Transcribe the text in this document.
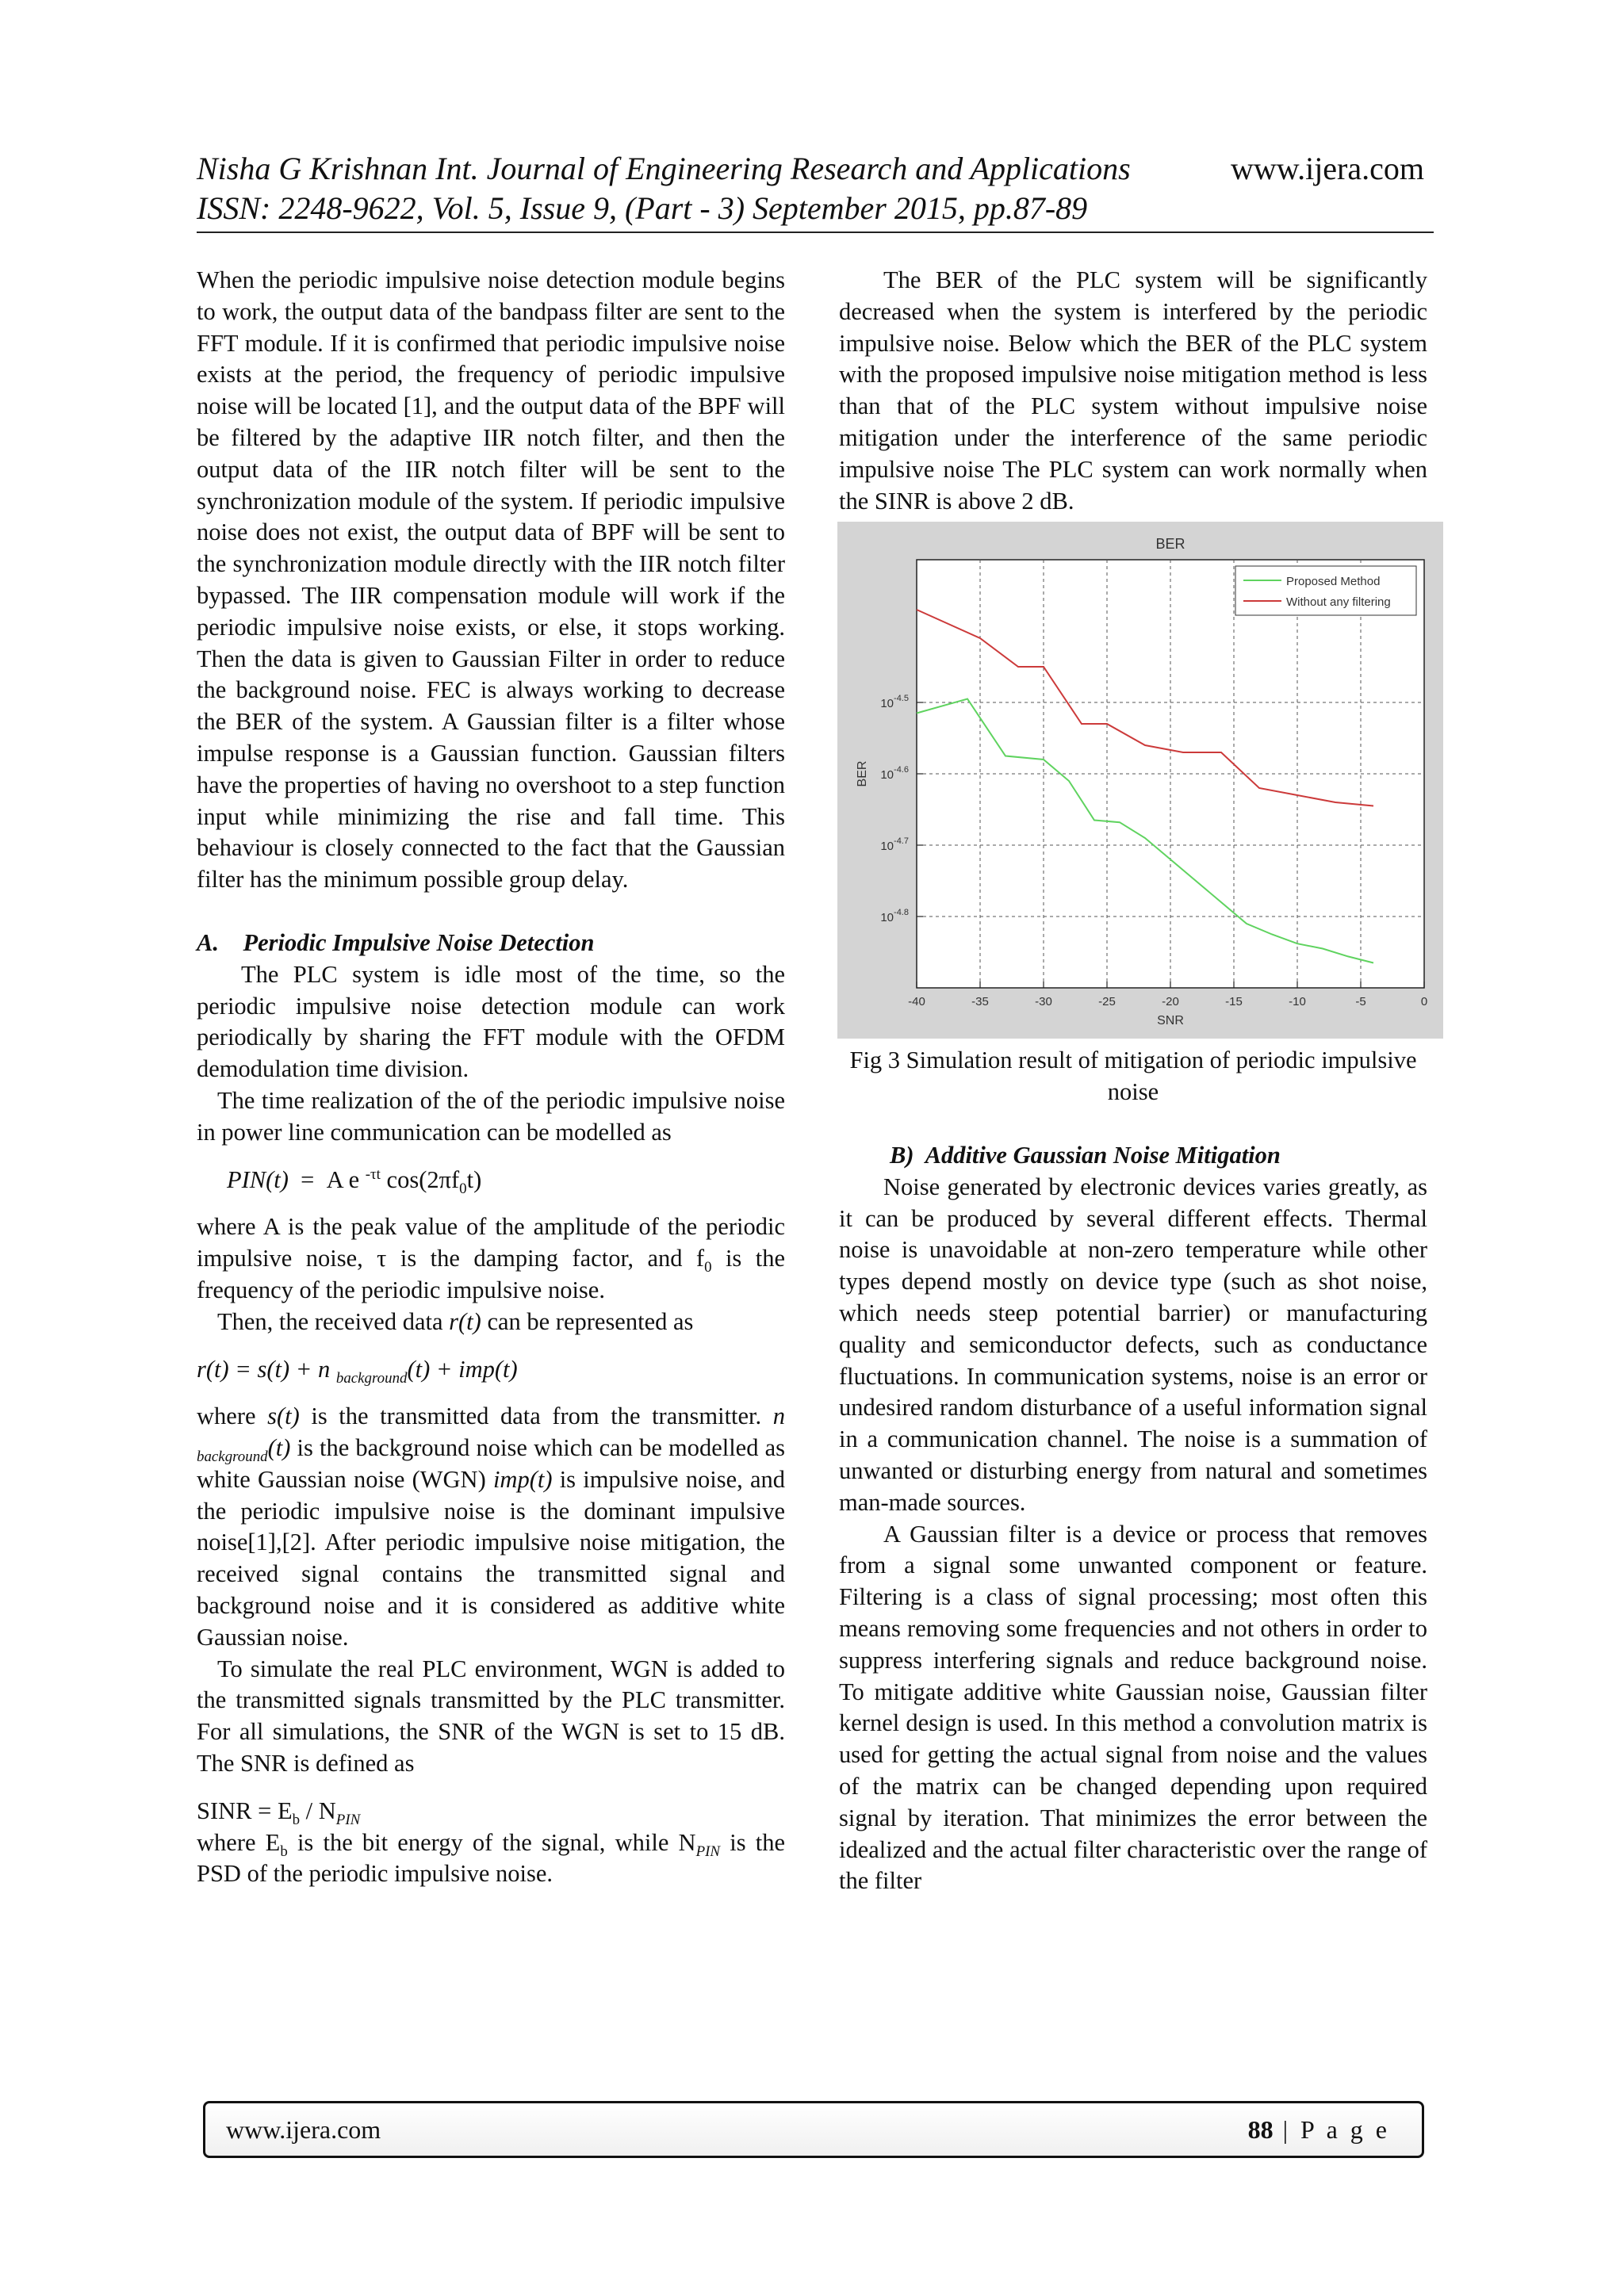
Nisha G Krishnan Int. Journal of Engineering Research and Applications	www.ijera.com
ISSN: 2248-9622, Vol. 5, Issue 9, (Part - 3) September 2015, pp.87-89

When the periodic impulsive noise detection module begins to work, the output data of the bandpass filter are sent to the FFT module. If it is confirmed that periodic impulsive noise exists at the period, the frequency of periodic impulsive noise will be located [1], and the output data of the BPF will be filtered by the adaptive IIR notch filter, and then the output data of the IIR notch filter will be sent to the synchronization module of the system. If periodic impulsive noise does not exist, the output data of BPF will be sent to the synchronization module directly with the IIR notch filter bypassed. The IIR compensation module will work if the periodic impulsive noise exists, or else, it stops working. Then the data is given to Gaussian Filter in order to reduce the background noise. FEC is always working to decrease the BER of the system. A Gaussian filter is a filter whose impulse response is a Gaussian function. Gaussian filters have the properties of having no overshoot to a step function input while minimizing the rise and fall time. This behaviour is closely connected to the fact that the Gaussian filter has the minimum possible group delay.

A.    Periodic Impulsive Noise Detection

The PLC system is idle most of the time, so the periodic impulsive noise detection module can work periodically by sharing the FFT module with the OFDM demodulation time division.

The time realization of the of the periodic impulsive noise in power line communication can be modelled as

PIN(t)  =  A e $^{-\tau t}$ $\cos(2\pi f_0t)$

where A is the peak value of the amplitude of the periodic impulsive noise, τ is the damping factor, and $f_0$ is the frequency of the periodic impulsive noise.

Then, the received data r(t) can be represented as

r(t) = s(t) + n $_{background}$(t) + imp(t)

where s(t) is the transmitted data from the transmitter. n $_{background}$(t) is the background noise which can be modelled as white Gaussian noise (WGN) imp(t) is impulsive noise, and the periodic impulsive noise is the dominant impulsive noise[1],[2]. After periodic impulsive noise mitigation, the received signal contains the transmitted signal and background noise and it is considered as additive white Gaussian noise.

To simulate the real PLC environment, WGN is added to the transmitted signals transmitted by the PLC transmitter. For all simulations, the SNR of the WGN is set to 15 dB. The SNR is defined as

SINR = $E_b / N_{PIN}$

where $E_b$ is the bit energy of the signal, while $N_{PIN}$ is the PSD of the periodic impulsive noise.

The BER of the PLC system will be significantly decreased when the system is interfered by the periodic impulsive noise. Below which the BER of the PLC system with the proposed impulsive noise mitigation method is less than that of the PLC system without impulsive noise mitigation under the interference of the same periodic impulsive noise The PLC system can work normally when the SINR is above 2 dB.

-40	-35	-30	-25	-20	-15	-10	-5	0
$10^{-4.5}$
$10^{-4.6}$
$10^{-4.7}$
$10^{-4.8}$
BER
SNR
BER
Proposed Method
Without any filtering

Fig 3 Simulation result of mitigation of periodic impulsive noise

B)  Additive Gaussian Noise Mitigation

Noise generated by electronic devices varies greatly, as it can be produced by several different effects. Thermal noise is unavoidable at non-zero temperature while other types depend mostly on device type (such as shot noise, which needs steep potential barrier) or manufacturing quality and semiconductor defects, such as conductance fluctuations. In communication systems, noise is an error or undesired random disturbance of a useful information signal in a communication channel. The noise is a summation of unwanted or disturbing energy from natural and sometimes man-made sources.

A Gaussian filter is a device or process that removes from a signal some unwanted component or feature. Filtering is a class of signal processing; most often this means removing some frequencies and not others in order to suppress interfering signals and reduce background noise. To mitigate additive white Gaussian noise, Gaussian filter kernel design is used. In this method a convolution matrix is used for getting the actual signal from noise and the values of the matrix can be changed depending upon required signal by iteration. That minimizes the error between the idealized and the actual filter characteristic over the range of the filter

www.ijera.com	88 | P a g e
